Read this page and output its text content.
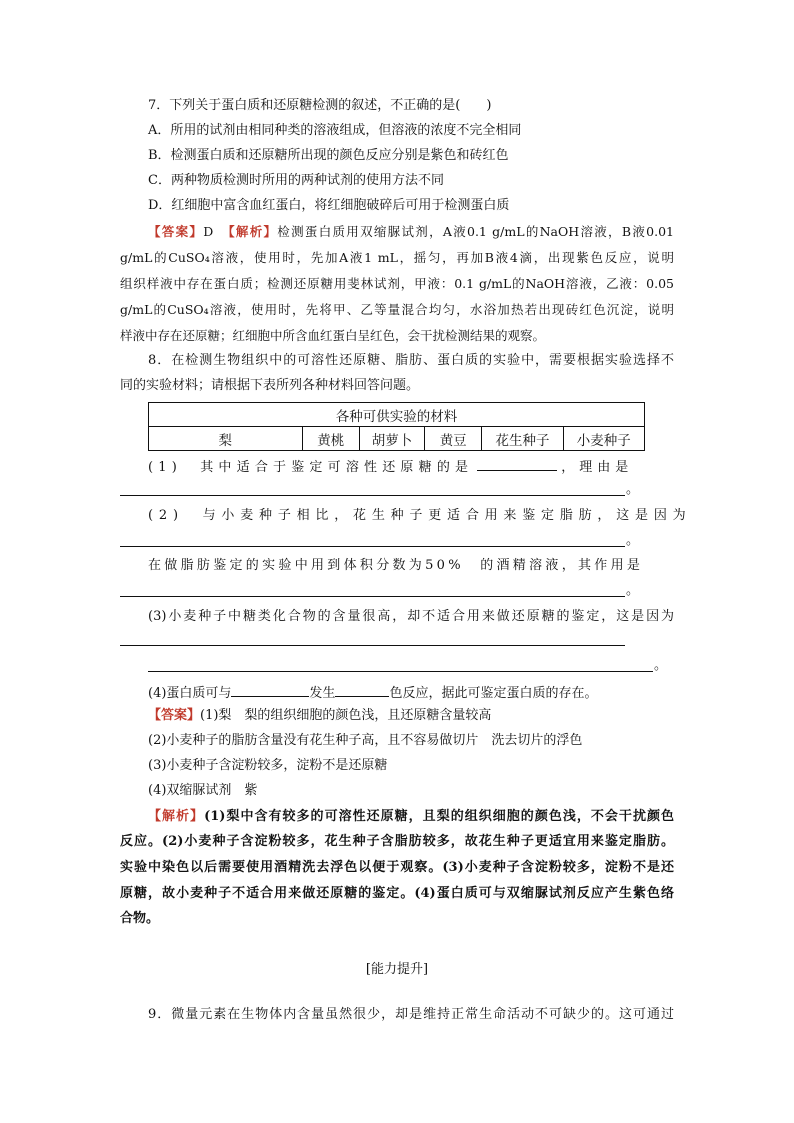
7．下列关于蛋白质和还原糖检测的叙述，不正确的是(　　)
A．所用的试剂由相同种类的溶液组成，但溶液的浓度不完全相同
B．检测蛋白质和还原糖所出现的颜色反应分别是紫色和砖红色
C．两种物质检测时所用的两种试剂的使用方法不同
D．红细胞中富含血红蛋白，将红细胞破碎后可用于检测蛋白质
【答案】D　 【解析】检测蛋白质用双缩脲试剂，A液0.1 g/mL的NaOH溶液，B液0.01
g/mL的CuSO₄溶液，使用时，先加A液1 mL，摇匀，再加B液4滴，出现紫色反应，说明
组织样液中存在蛋白质；检测还原糖用斐林试剂，甲液：0.1 g/mL的NaOH溶液，乙液：0.05
g/mL的CuSO₄溶液，使用时，先将甲、乙等量混合均匀，水浴加热若出现砖红色沉淀，说明
样液中存在还原糖；红细胞中所含血红蛋白呈红色，会干扰检测结果的观察。
8．在检测生物组织中的可溶性还原糖、脂肪、蛋白质的实验中，需要根据实验选择不
同的实验材料；请根据下表所列各种材料回答问题。
各种可供实验的材料
梨	黄桃	胡萝卜	黄豆	花生种子	小麦种子
(1)　其中适合于鉴定可溶性还原糖的是	，理由是
。
(2)　与小麦种子相比，花生种子更适合用来鉴定脂肪，这是因为
。
在做脂肪鉴定的实验中用到体积分数为50%　的酒精溶液，其作用是
。
(3)小麦种子中糖类化合物的含量很高，却不适合用来做还原糖的鉴定，这是因为
。
(4)蛋白质可与	发生	色反应，据此可鉴定蛋白质的存在。
【答案】(1)梨　梨的组织细胞的颜色浅，且还原糖含量较高
(2)小麦种子的脂肪含量没有花生种子高，且不容易做切片　洗去切片的浮色
(3)小麦种子含淀粉较多，淀粉不是还原糖
(4)双缩脲试剂　紫
【解析】(1)梨中含有较多的可溶性还原糖，且梨的组织细胞的颜色浅，不会干扰颜色
反应。(2)小麦种子含淀粉较多，花生种子含脂肪较多，故花生种子更适宜用来鉴定脂肪。
实验中染色以后需要使用酒精洗去浮色以便于观察。(3)小麦种子含淀粉较多，淀粉不是还
原糖，故小麦种子不适合用来做还原糖的鉴定。(4)蛋白质可与双缩脲试剂反应产生紫色络
合物。
[能力提升]
9．微量元素在生物体内含量虽然很少，却是维持正常生命活动不可缺少的。这可通过
